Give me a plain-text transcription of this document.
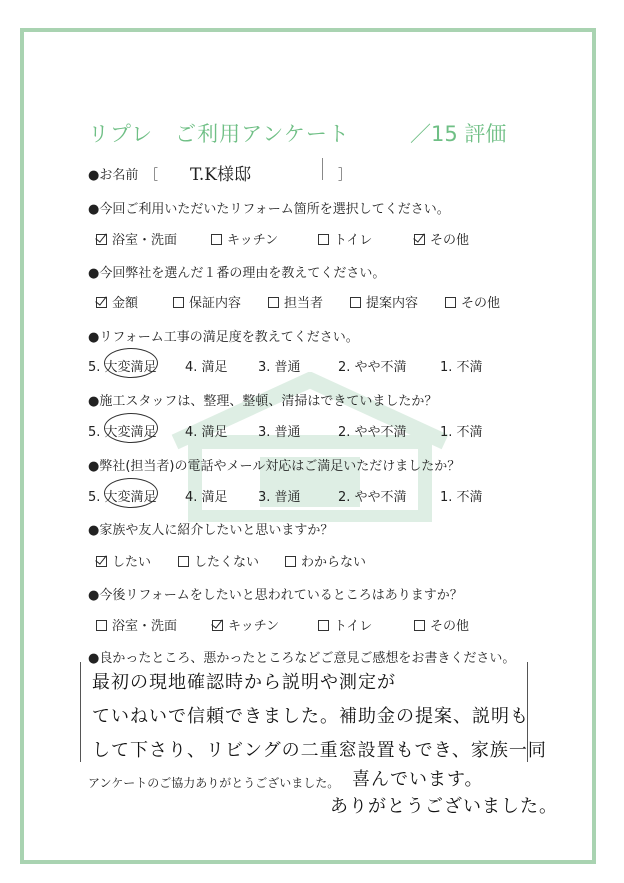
リプレ　ご利用アンケート	／15 評価
●お名前 ［ T.K様邸	］
●今回ご利用いただいたリフォーム箇所を選択してください。
浴室・洗面	キッチン	トイレ	その他
●今回弊社を選んだ１番の理由を教えてください。
金額	保証内容	担当者	提案内容	その他
●リフォーム工事の満足度を教えてください。
5. 大変満足 4. 満足 3. 普通	2. やや不満	1. 不満
●施工スタッフは、整理、整頓、清掃はできていましたか？
5. 大変満足 4. 満足 3. 普通	2. やや不満	1. 不満
●弊社(担当者)の電話やメール対応はご満足いただけましたか？
5. 大変満足 4. 満足 3. 普通	2. やや不満	1. 不満
●家族や友人に紹介したいと思いますか？
したい	したくない	わからない
●今後リフォームをしたいと思われているところはありますか？
浴室・洗面	キッチン	トイレ	その他
●良かったところ、悪かったところなどご意見ご感想をお書きください。
最初の現地確認時から説明や測定が
ていねいで信頼できました。補助金の提案、説明も
して下さり、リビングの二重窓設置もでき、家族一同
喜んでいます。
ありがとうございました。
アンケートのご協力ありがとうございました。
